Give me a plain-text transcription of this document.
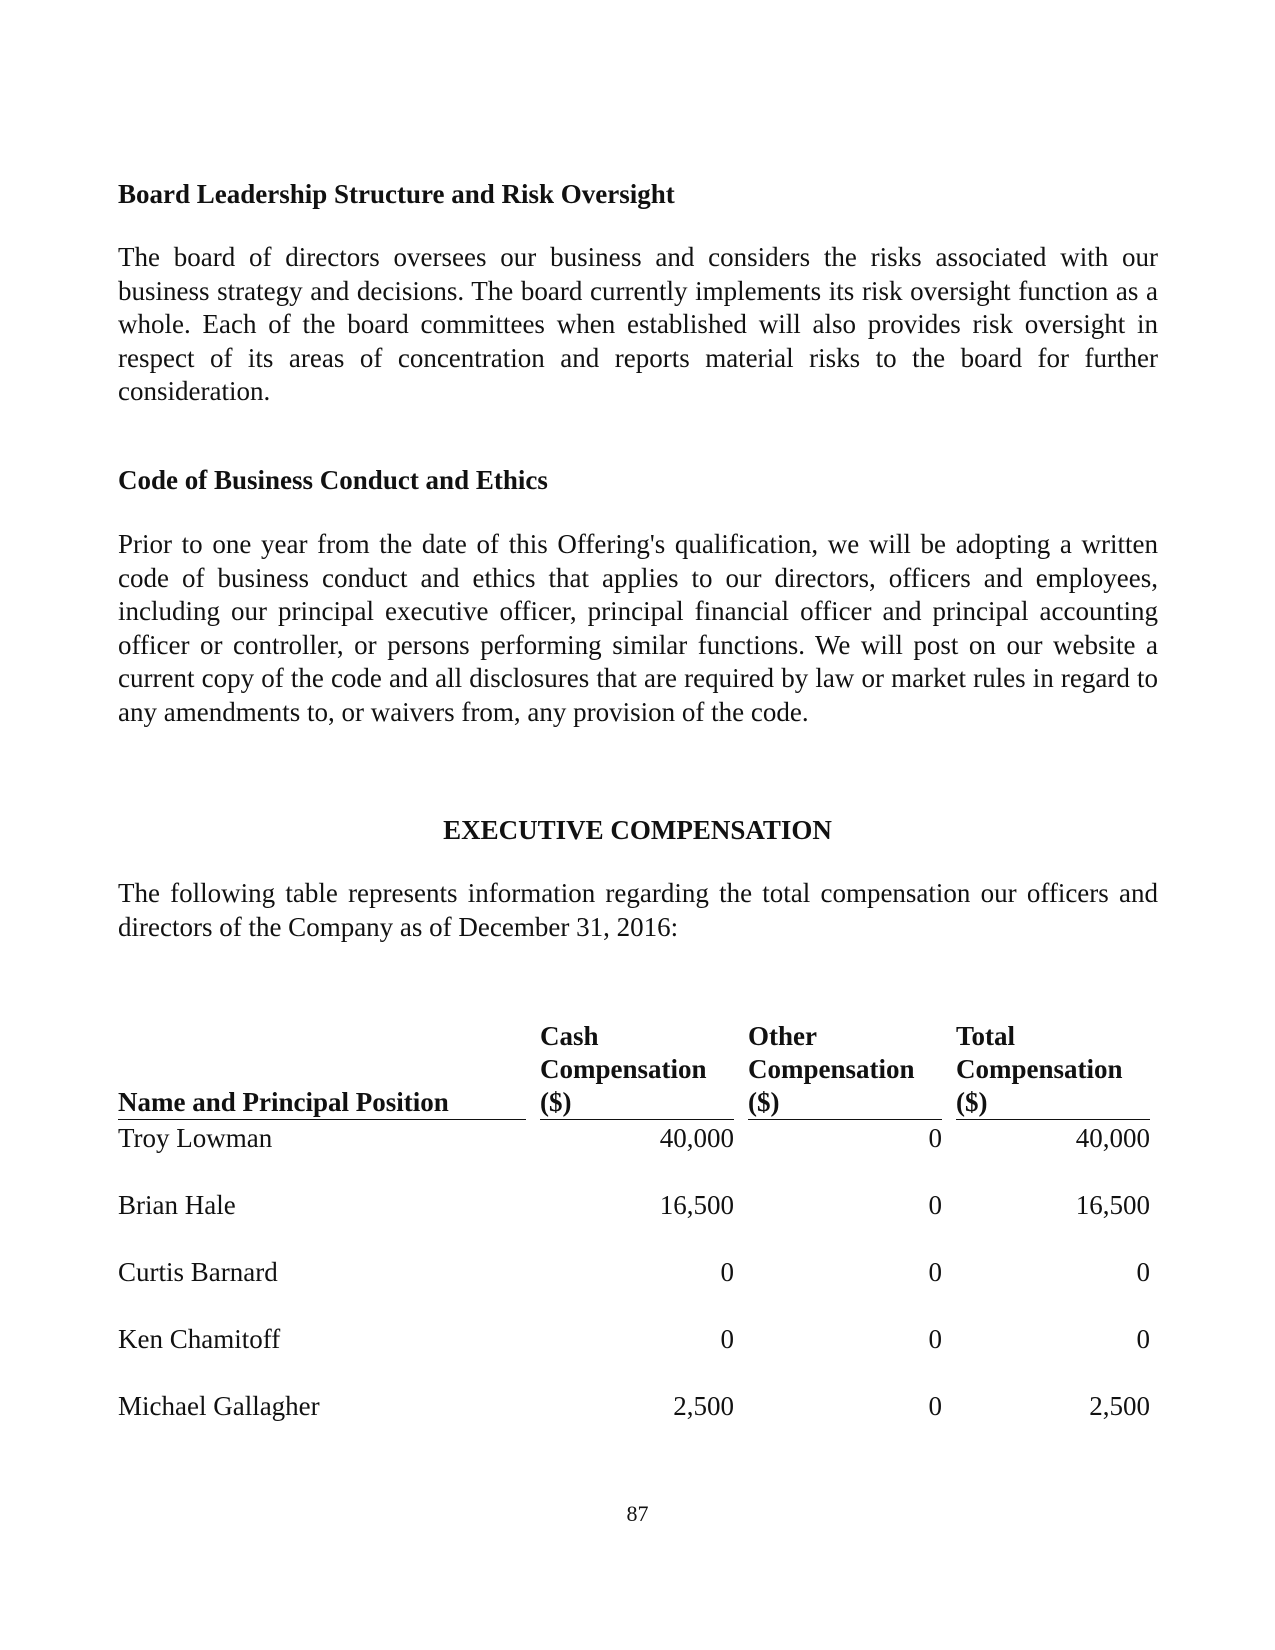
Board Leadership Structure and Risk Oversight

The board of directors oversees our business and considers the risks associated with our business strategy and decisions. The board currently implements its risk oversight function as a whole. Each of the board committees when established will also provides risk oversight in respect of its areas of concentration and reports material risks to the board for further consideration.

Code of Business Conduct and Ethics

Prior to one year from the date of this Offering's qualification, we will be adopting a written code of business conduct and ethics that applies to our directors, officers and employees, including our principal executive officer, principal financial officer and principal accounting officer or controller, or persons performing similar functions. We will post on our website a current copy of the code and all disclosures that are required by law or market rules in regard to any amendments to, or waivers from, any provision of the code.

EXECUTIVE COMPENSATION

The following table represents information regarding the total compensation our officers and directors of the Company as of December 31, 2016:

Name and Principal Position		
Cash
Compensation
($)

Other
Compensation
($)

Total
Compensation
($)

Troy Lowman		40,000		0		40,000
Brian Hale		16,500		0		16,500
Curtis Barnard		0		0		0
Ken Chamitoff		0		0		0
Michael Gallagher		2,500		0		2,500

87
